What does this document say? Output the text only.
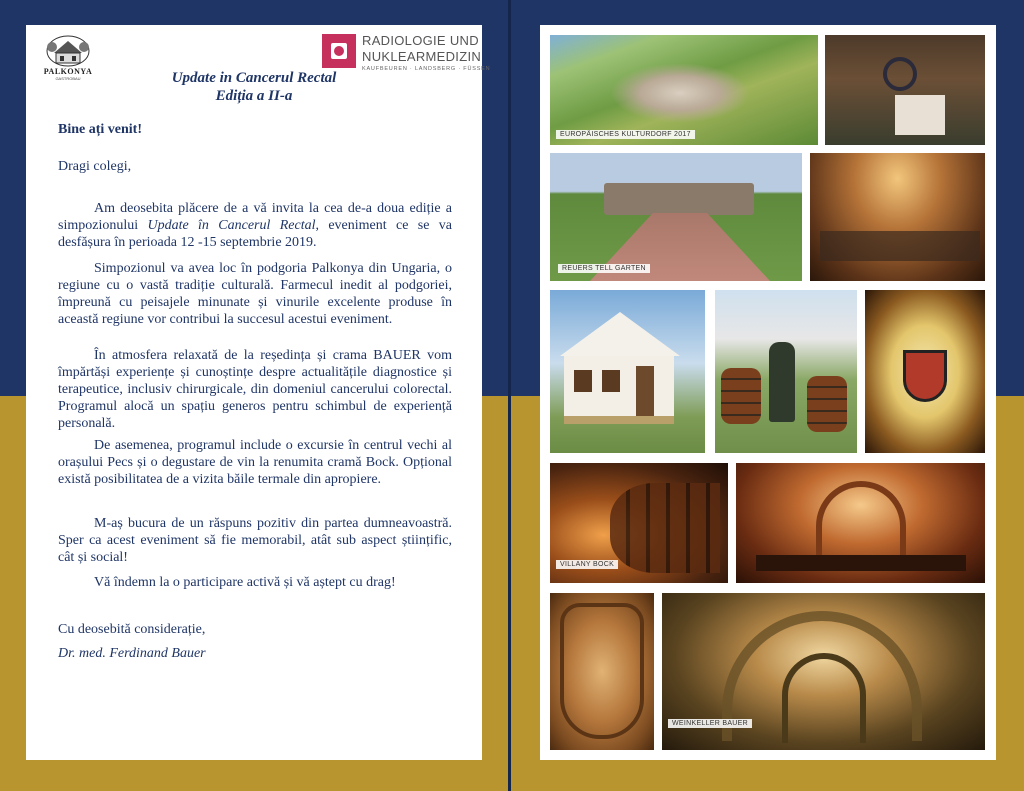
PALKONYA
GASTROBAU
RADIOLOGIE UND
NUKLEARMEDIZIN
KAUFBEUREN · LANDSBERG · FÜSSEN
Update in Cancerul Rectal
Ediția a II-a
Bine ați venit!
Dragi colegi,

Am deosebita plăcere de a vă invita la cea de-a doua ediție a simpozionului Update în Cancerul Rectal, eveniment ce se va desfășura în perioada 12 -15 septembrie 2019.

Simpozionul va avea loc în podgoria Palkonya din Ungaria, o regiune cu o vastă tradiție culturală. Farmecul inedit al podgoriei, împreună cu peisajele minunate și vinurile excelente produse în această regiune vor contribui la succesul acestui eveniment.

În atmosfera relaxată de la reședința și crama BAUER vom împărtăși experiențe și cunoștințe despre actualitățile diagnostice și terapeutice, inclusiv chirurgicale, din domeniul cancerului colorectal. Programul alocă un spațiu generos pentru schimbul de experiență personală.

De asemenea, programul include o excursie în centrul vechi al orașului Pecs și o degustare de vin la renumita cramă Bock. Opțional există posibilitatea de a vizita băile termale din apropiere.

M-aș bucura de un răspuns pozitiv din partea dumneavoastră. Sper ca acest eveniment să fie memorabil, atât sub aspect științific, cât și social!

Vă îndemn la o participare activă și vă aștept cu drag!

Cu deosebită considerație,
Dr. med. Ferdinand Bauer
EUROPÄISCHES KULTURDORF 2017
REUERS TELL GARTEN
VILLANY BOCK
WEINKELLER BAUER
